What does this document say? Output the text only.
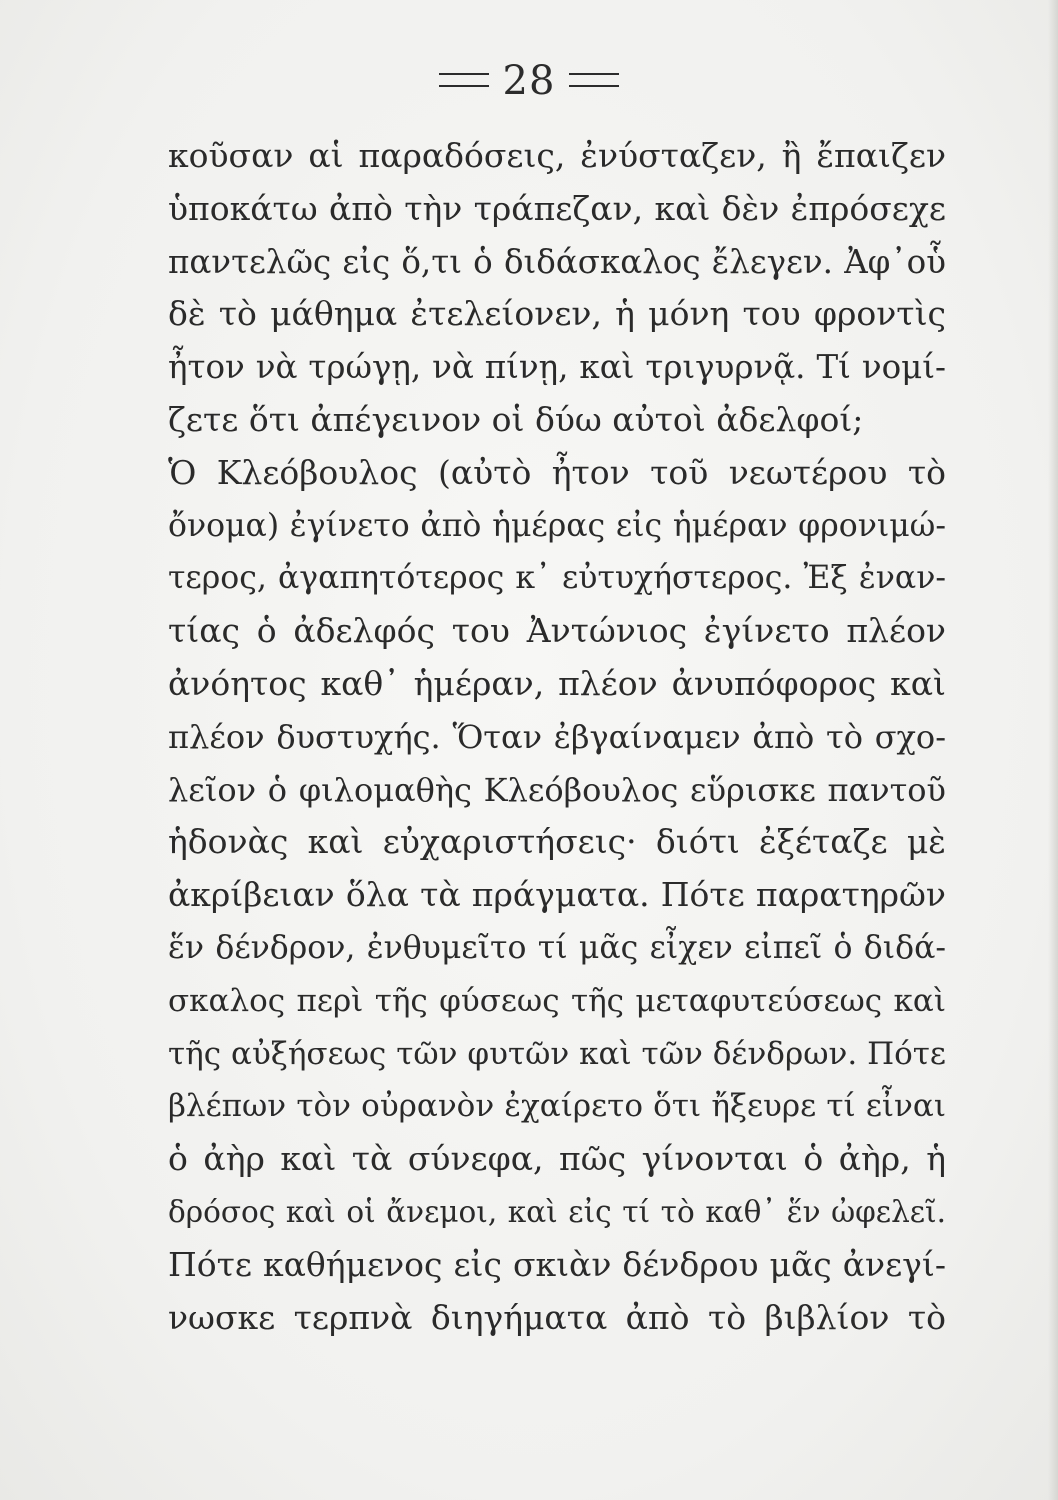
28
κοῦσαν αἱ παραδόσεις, ἐνύσταζεν, ἢ ἔπαιζεν
ὑποκάτω ἀπὸ τὴν τράπεζαν, καὶ δὲν ἐπρόσεχε
παντελῶς εἰς ὅ,τι ὁ διδάσκαλος ἔλεγεν. Ἀφ᾽οὗ
δὲ τὸ μάθημα ἐτελείονεν, ἡ μόνη του φροντὶς
ἦτον νὰ τρώγῃ, νὰ πίνῃ, καὶ τριγυρνᾷ. Τί νομί-
ζετε ὅτι ἀπέγεινον οἱ δύω αὐτοὶ ἀδελφοί;
Ὁ Κλεόβουλος (αὐτὸ ἦτον τοῦ νεωτέρου τὸ
ὄνομα) ἐγίνετο ἀπὸ ἡμέρας εἰς ἡμέραν φρονιμώ-
τερος, ἀγαπητότερος κ᾽ εὐτυχήστερος. Ἐξ ἐναν-
τίας ὁ ἀδελφός του Ἀντώνιος ἐγίνετο πλέον
ἀνόητος καθ᾽ ἡμέραν, πλέον ἀνυπόφορος καὶ
πλέον δυστυχής. Ὅταν ἐβγαίναμεν ἀπὸ τὸ σχο-
λεῖον ὁ φιλομαθὴς Κλεόβουλος εὕρισκε παντοῦ
ἡδονὰς καὶ εὐχαριστήσεις· διότι ἐξέταζε μὲ
ἀκρίβειαν ὅλα τὰ πράγματα. Πότε παρατηρῶν
ἕν δένδρον, ἐνθυμεῖτο τί μᾶς εἶχεν εἰπεῖ ὁ διδά-
σκαλος περὶ τῆς φύσεως τῆς μεταφυτεύσεως καὶ
τῆς αὐξήσεως τῶν φυτῶν καὶ τῶν δένδρων. Πότε
βλέπων τὸν οὐρανὸν ἐχαίρετο ὅτι ἤξευρε τί εἶναι
ὁ ἀὴρ καὶ τὰ σύνεφα, πῶς γίνονται ὁ ἀὴρ, ἡ
δρόσος καὶ οἱ ἄνεμοι, καὶ εἰς τί τὸ καθ᾽ ἕν ὠφελεῖ.
Πότε καθήμενος εἰς σκιὰν δένδρου μᾶς ἀνεγί-
νωσκε τερπνὰ διηγήματα ἀπὸ τὸ βιβλίον τὸ
